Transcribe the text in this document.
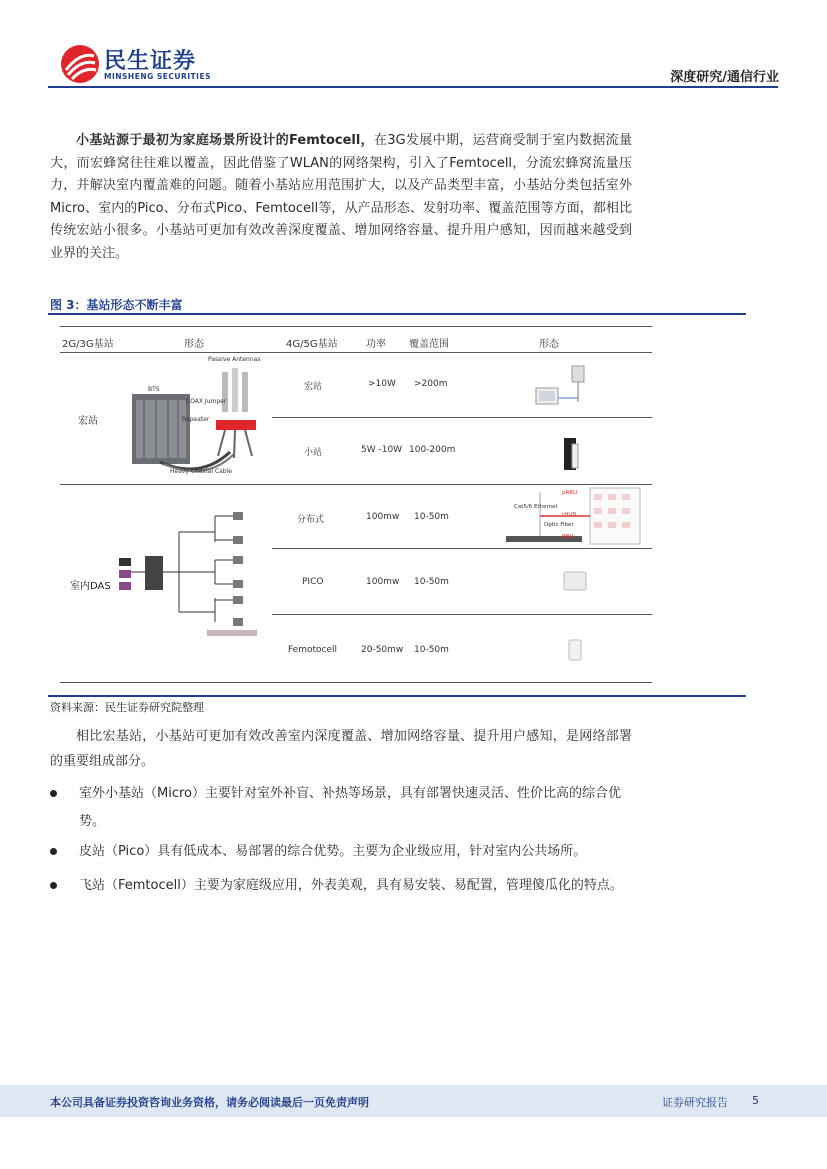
民生证券
MINSHENG SECURITIES	深度研究/通信行业
小基站源于最初为家庭场景所设计的Femtocell，在3G发展中期，运营商受制于室内数据流量大，而宏蜂窝往往难以覆盖，因此借鉴了WLAN的网络架构，引入了Femtocell，分流宏蜂窝流量压力，并解决室内覆盖难的问题。随着小基站应用范围扩大，以及产品类型丰富，小基站分类包括室外Micro、室内的Pico、分布式Pico、Femtocell等，从产品形态、发射功率、覆盖范围等方面，都相比传统宏站小很多。小基站可更加有效改善深度覆盖、增加网络容量、提升用户感知，因而越来越受到业界的关注。
图 3：基站形态不断丰富
2G/3G基站	形态	4G/5G基站	功率 覆盖范围	形态
宏站
室内DAS
Passive Antennas
BTS
COAX Jumper
Repeater
Heavy Coaxial Cable
宏站	>10W >200m
小站	5W -10W 100-200m
分布式	100mw 10-50m
PICO	100mw 10-50m
Femotocell	20-50mw 10-50m
Cat5/6 Ethernet
Optic Fiber
pRRU
rHUB
BBU
资料来源：民生证券研究院整理
相比宏基站，小基站可更加有效改善室内深度覆盖、增加网络容量、提升用户感知，是网络部署的重要组成部分。
室外小基站（Micro）主要针对室外补盲、补热等场景，具有部署快速灵活、性价比高的综合优势。
皮站（Pico）具有低成本、易部署的综合优势。主要为企业级应用，针对室内公共场所。
飞站（Femtocell）主要为家庭级应用，外表美观，具有易安装、易配置，管理傻瓜化的特点。
本公司具备证券投资咨询业务资格，请务必阅读最后一页免责声明	证券研究报告 5
